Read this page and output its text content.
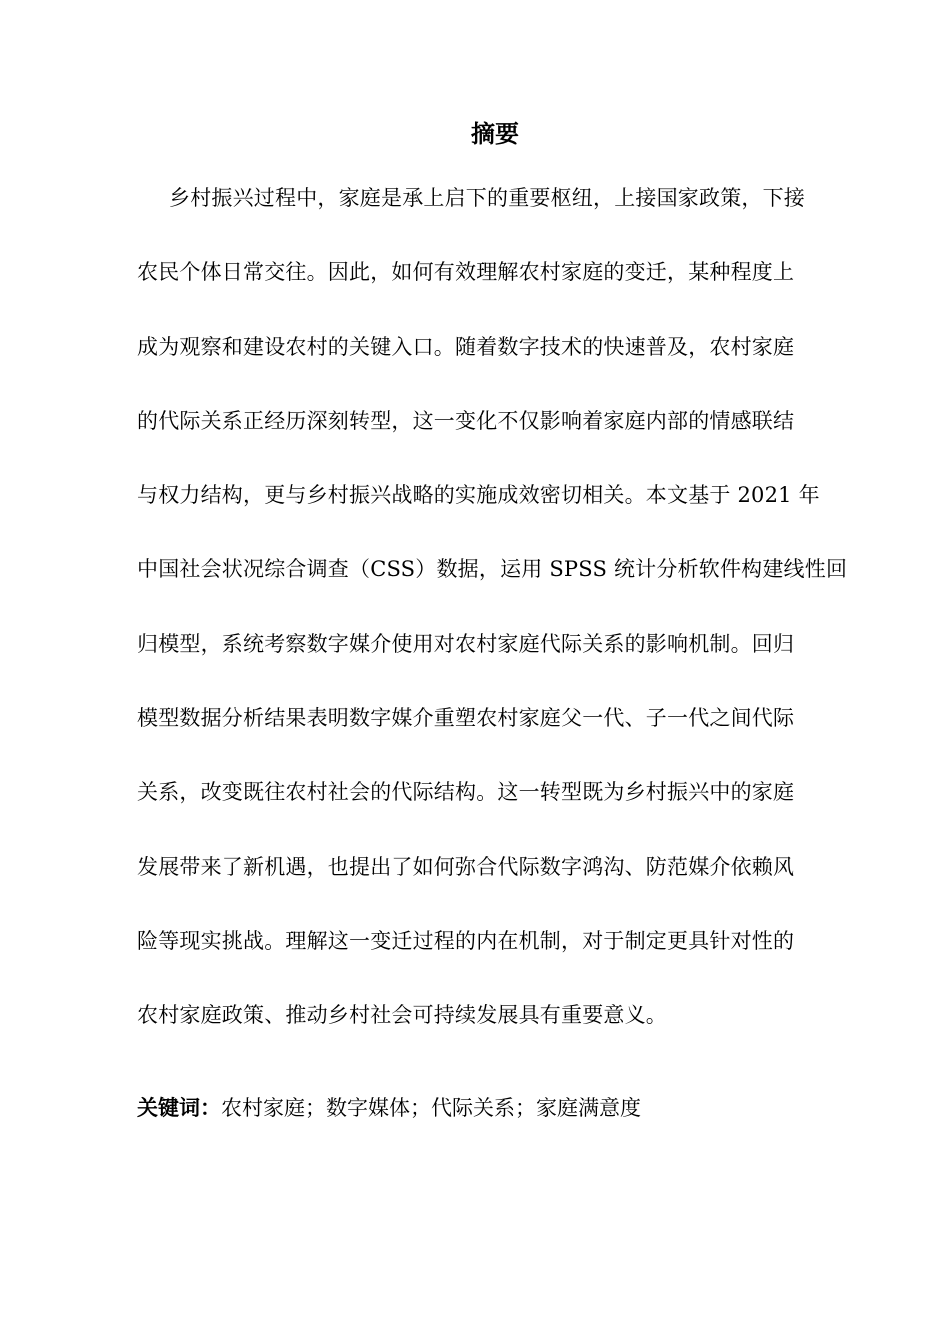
摘要
乡村振兴过程中，家庭是承上启下的重要枢纽，上接国家政策，下接
农民个体日常交往。因此，如何有效理解农村家庭的变迁，某种程度上
成为观察和建设农村的关键入口。随着数字技术的快速普及，农村家庭
的代际关系正经历深刻转型，这一变化不仅影响着家庭内部的情感联结
与权力结构，更与乡村振兴战略的实施成效密切相关。本文基于 2021 年
中国社会状况综合调查（CSS）数据，运用 SPSS 统计分析软件构建线性回
归模型，系统考察数字媒介使用对农村家庭代际关系的影响机制。回归
模型数据分析结果表明数字媒介重塑农村家庭父一代、子一代之间代际
关系，改变既往农村社会的代际结构。这一转型既为乡村振兴中的家庭
发展带来了新机遇，也提出了如何弥合代际数字鸿沟、防范媒介依赖风
险等现实挑战。理解这一变迁过程的内在机制，对于制定更具针对性的
农村家庭政策、推动乡村社会可持续发展具有重要意义。

关键词：农村家庭；数字媒体；代际关系；家庭满意度
